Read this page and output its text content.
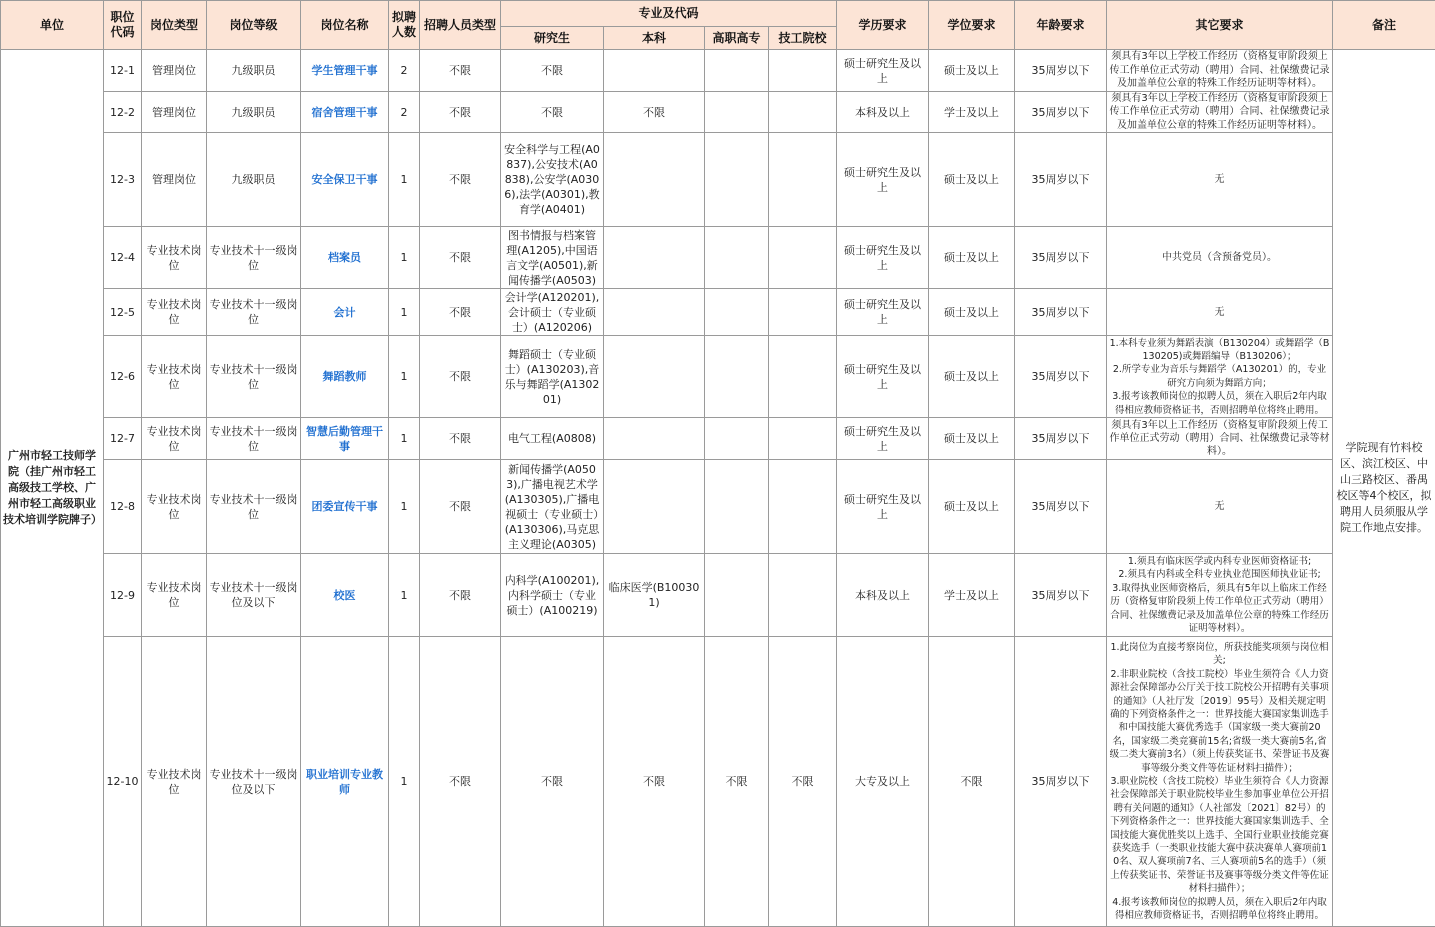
单位	职位代码	岗位类型	岗位等级	岗位名称	拟聘人数	招聘人员类型	专业及代码				学历要求	学位要求	年龄要求	其它要求	备注
							研究生	本科	高职高专	技工院校					
广州市轻工技师学院（挂广州市轻工高级技工学校、广州市轻工高级职业技术培训学院牌子）	12-1	管理岗位	九级职员	学生管理干事	2	不限	不限				硕士研究生及以上	硕士及以上	35周岁以下	须具有3年以上学校工作经历（资格复审阶段须上传工作单位正式劳动（聘用）合同、社保缴费记录及加盖单位公章的特殊工作经历证明等材料）。	学院现有竹料校区、滨江校区、中山三路校区、番禺校区等4个校区，拟聘用人员须服从学院工作地点安排。
	12-2	管理岗位	九级职员	宿舍管理干事	2	不限	不限	不限			本科及以上	学士及以上	35周岁以下	须具有3年以上学校工作经历（资格复审阶段须上传工作单位正式劳动（聘用）合同、社保缴费记录及加盖单位公章的特殊工作经历证明等材料）。	
	12-3	管理岗位	九级职员	安全保卫干事	1	不限	安全科学与工程(A0837),公安技术(A0838),公安学(A0306),法学(A0301),教育学(A0401)				硕士研究生及以上	硕士及以上	35周岁以下	无	
	12-4	专业技术岗位	专业技术十一级岗位	档案员	1	不限	图书情报与档案管理(A1205),中国语言文学(A0501),新闻传播学(A0503)				硕士研究生及以上	硕士及以上	35周岁以下	中共党员（含预备党员）。	
	12-5	专业技术岗位	专业技术十一级岗位	会计	1	不限	会计学(A120201),会计硕士（专业硕士）(A120206)				硕士研究生及以上	硕士及以上	35周岁以下	无	
	12-6	专业技术岗位	专业技术十一级岗位	舞蹈教师	1	不限	舞蹈硕士（专业硕士）(A130203),音乐与舞蹈学(A130201)				硕士研究生及以上	硕士及以上	35周岁以下	1.本科专业须为舞蹈表演（B130204）或舞蹈学（B130205)或舞蹈编导（B130206）；
2.所学专业为音乐与舞蹈学（A130201）的，专业研究方向须为舞蹈方向；
3.报考该教师岗位的拟聘人员，须在入职后2年内取得相应教师资格证书，否则招聘单位将终止聘用。	
	12-7	专业技术岗位	专业技术十一级岗位	智慧后勤管理干事	1	不限	电气工程(A0808)				硕士研究生及以上	硕士及以上	35周岁以下	须具有3年以上工作经历（资格复审阶段须上传工作单位正式劳动（聘用）合同、社保缴费记录等材料）。	
	12-8	专业技术岗位	专业技术十一级岗位	团委宣传干事	1	不限	新闻传播学(A0503),广播电视艺术学(A130305),广播电视硕士（专业硕士）(A130306),马克思主义理论(A0305)				硕士研究生及以上	硕士及以上	35周岁以下	无	
	12-9	专业技术岗位	专业技术十一级岗位及以下	校医	1	不限	内科学(A100201),内科学硕士（专业硕士）(A100219)	临床医学(B100301)			本科及以上	学士及以上	35周岁以下	1.须具有临床医学或内科专业医师资格证书;
2.须具有内科或全科专业执业范围医师执业证书;
3.取得执业医师资格后，须具有5年以上临床工作经历（资格复审阶段须上传工作单位正式劳动（聘用）合同、社保缴费记录及加盖单位公章的特殊工作经历证明等材料）。	
	12-10	专业技术岗位	专业技术十一级岗位及以下	职业培训专业教师	1	不限	不限	不限	不限	不限	大专及以上	不限	35周岁以下	1.此岗位为直接考察岗位，所获技能奖项须与岗位相关;
2.非职业院校（含技工院校）毕业生须符合《人力资源社会保障部办公厅关于技工院校公开招聘有关事项的通知》（人社厅发〔2019〕95号）及相关规定明确的下列资格条件之一：世界技能大赛国家集训选手和中国技能大赛优秀选手（国家级一类大赛前20名，国家级二类竞赛前15名;省级一类大赛前5名,省级二类大赛前3名）（须上传获奖证书、荣誉证书及赛事等级分类文件等佐证材料扫描件）；
3.职业院校（含技工院校）毕业生须符合《人力资源社会保障部关于职业院校毕业生参加事业单位公开招聘有关问题的通知》（人社部发〔2021〕82号）的下列资格条件之一：世界技能大赛国家集训选手、全国技能大赛优胜奖以上选手、全国行业职业技能竞赛获奖选手（一类职业技能大赛中获决赛单人赛项前10名、双人赛项前7名、三人赛项前5名的选手）（须上传获奖证书、荣誉证书及赛事等级分类文件等佐证材料扫描件）；
4.报考该教师岗位的拟聘人员，须在入职后2年内取得相应教师资格证书，否则招聘单位将终止聘用。	
